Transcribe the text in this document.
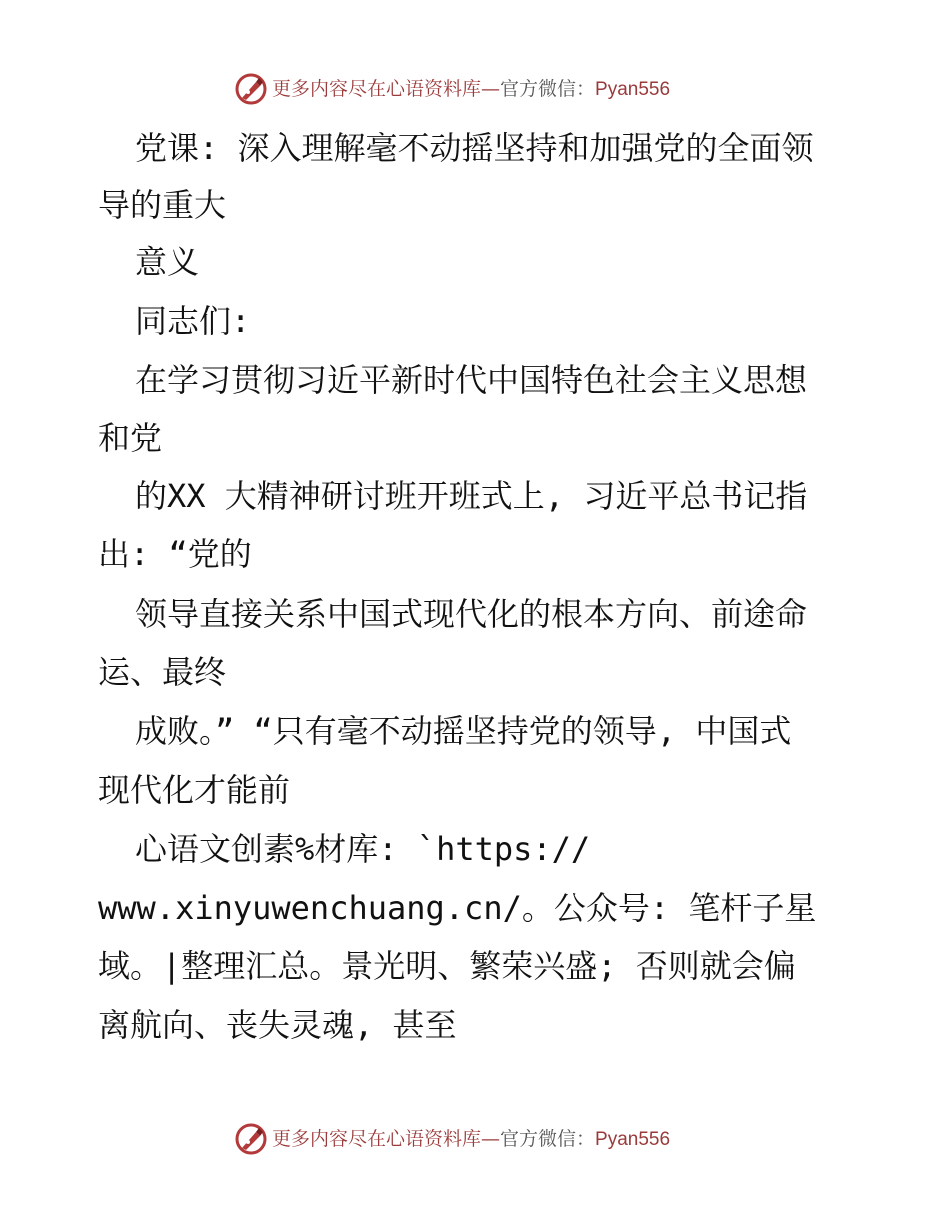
更多内容尽在心语资料库—官方微信：Pyan556

党课: 深入理解毫不动摇坚持和加强党的全面领

导的重大

意义

同志们:

在学习贯彻习近平新时代中国特色社会主义思想

和党

的XX 大精神研讨班开班式上, 习近平总书记指

出: “党的

领导直接关系中国式现代化的根本方向、前途命

运、最终

成败。” “只有毫不动摇坚持党的领导, 中国式

现代化才能前

心语文创素%材库: `https://

www.xinyuwenchuang.cn/。公众号: 笔杆子星

域。|整理汇总。景光明、繁荣兴盛; 否则就会偏

离航向、丧失灵魂, 甚至

更多内容尽在心语资料库—官方微信：Pyan556
